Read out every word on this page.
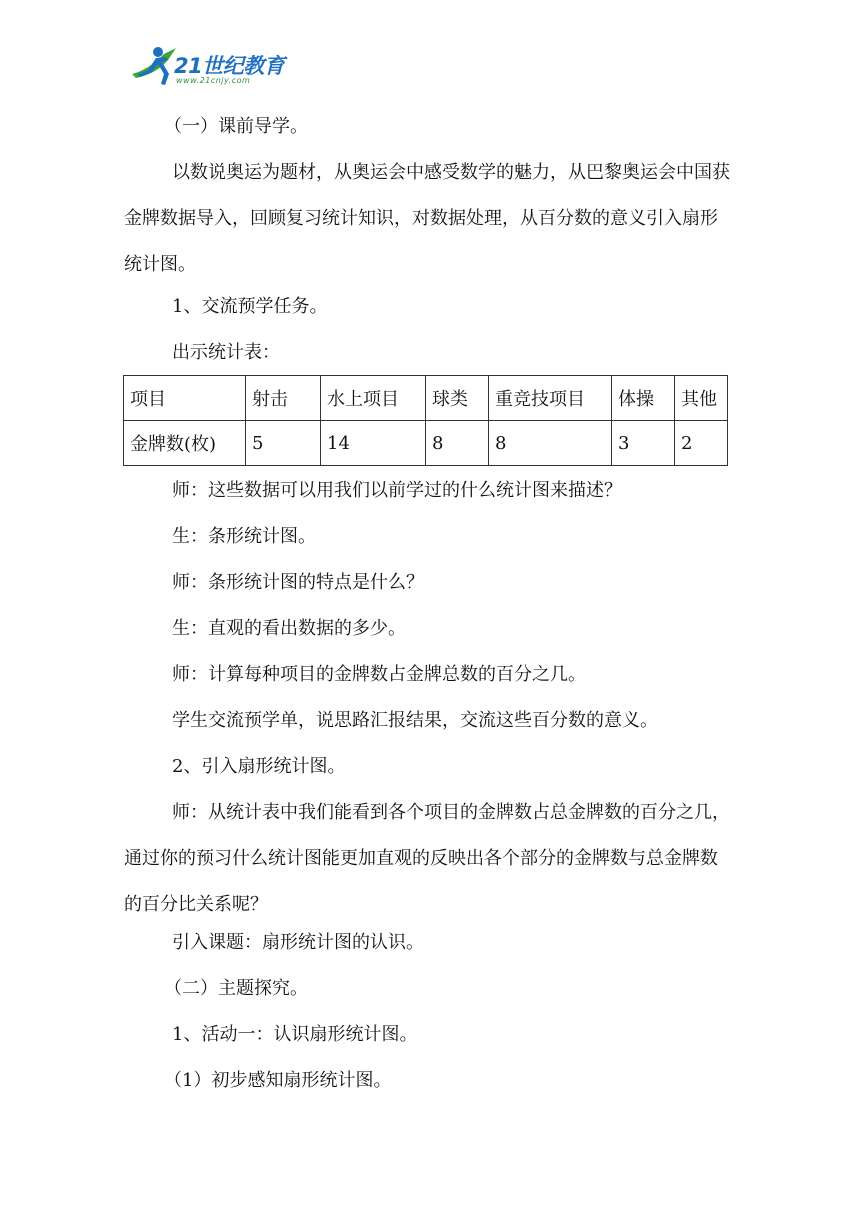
21世纪教育
www.21cnjy.com

（一）课前导学。

以数说奥运为题材，从奥运会中感受数学的魅力，从巴黎奥运会中国获金牌数据导入，回顾复习统计知识，对数据处理，从百分数的意义引入扇形统计图。

1、交流预学任务。

出示统计表：

项目	射击	水上项目	球类	重竞技项目	体操	其他
金牌数(枚)	5	14	8	8	3	2

师：这些数据可以用我们以前学过的什么统计图来描述？

生：条形统计图。

师：条形统计图的特点是什么？

生：直观的看出数据的多少。

师：计算每种项目的金牌数占金牌总数的百分之几。

学生交流预学单，说思路汇报结果，交流这些百分数的意义。

2、引入扇形统计图。

师：从统计表中我们能看到各个项目的金牌数占总金牌数的百分之几，通过你的预习什么统计图能更加直观的反映出各个部分的金牌数与总金牌数的百分比关系呢？

引入课题：扇形统计图的认识。

（二）主题探究。

1、活动一：认识扇形统计图。

（1）初步感知扇形统计图。
